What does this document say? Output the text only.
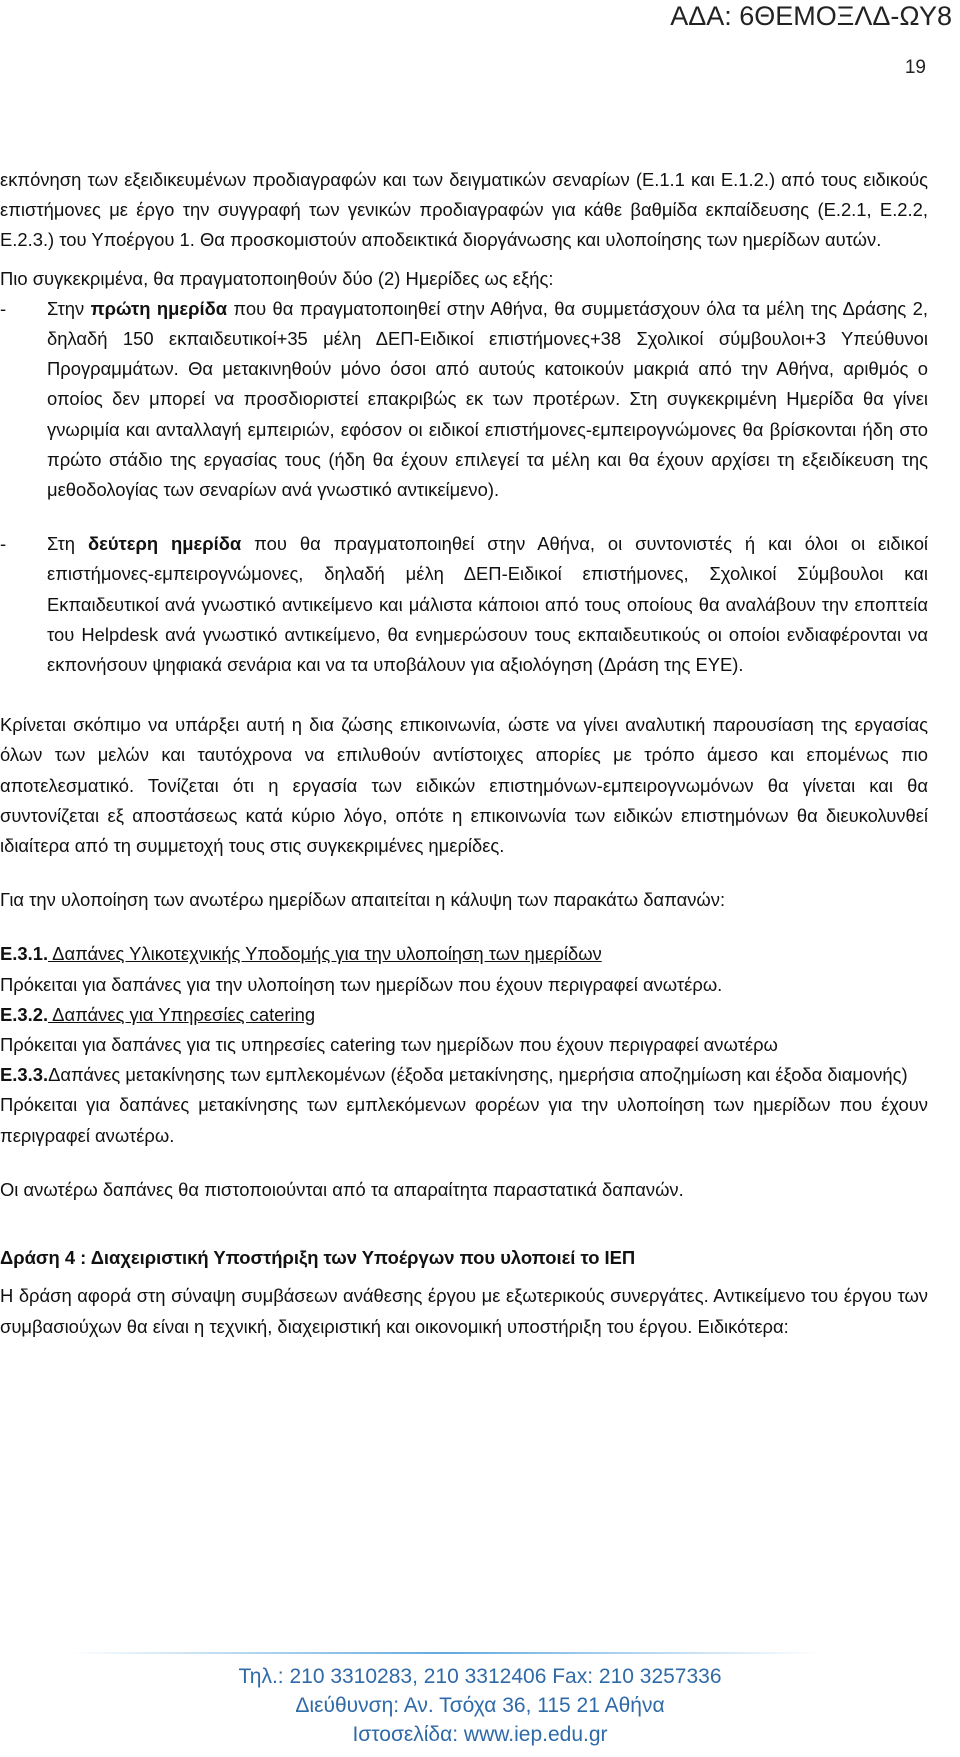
ΑΔΑ: 6ΘΕΜΟΞΛΔ-ΩΥ8
19

εκπόνηση των εξειδικευμένων προδιαγραφών και των δειγματικών σεναρίων (Ε.1.1 και Ε.1.2.) από τους ειδικούς επιστήμονες με έργο την συγγραφή των γενικών προδιαγραφών για κάθε βαθμίδα εκπαίδευσης (Ε.2.1, Ε.2.2, Ε.2.3.) του Υποέργου 1. Θα προσκομιστούν αποδεικτικά διοργάνωσης και υλοποίησης των ημερίδων αυτών.

Πιο συγκεκριμένα, θα πραγματοποιηθούν δύο (2) Ημερίδες ως εξής:

-	Στην πρώτη ημερίδα που θα πραγματοποιηθεί στην Αθήνα, θα συμμετάσχουν όλα τα μέλη της Δράσης 2, δηλαδή 150 εκπαιδευτικοί+35 μέλη ΔΕΠ-Ειδικοί επιστήμονες+38 Σχολικοί σύμβουλοι+3 Υπεύθυνοι Προγραμμάτων. Θα μετακινηθούν μόνο όσοι από αυτούς κατοικούν μακριά από την Αθήνα, αριθμός ο οποίος δεν μπορεί να προσδιοριστεί επακριβώς εκ των προτέρων. Στη συγκεκριμένη Ημερίδα θα γίνει γνωριμία και ανταλλαγή εμπειριών, εφόσον οι ειδικοί επιστήμονες-εμπειρογνώμονες θα βρίσκονται ήδη στο πρώτο στάδιο της εργασίας τους (ήδη θα έχουν επιλεγεί τα μέλη και θα έχουν αρχίσει τη εξειδίκευση της μεθοδολογίας των σεναρίων ανά γνωστικό αντικείμενο).
-	Στη δεύτερη ημερίδα που θα πραγματοποιηθεί στην Αθήνα, οι συντονιστές ή και όλοι οι ειδικοί επιστήμονες-εμπειρογνώμονες, δηλαδή μέλη ΔΕΠ-Ειδικοί επιστήμονες, Σχολικοί Σύμβουλοι και Εκπαιδευτικοί ανά γνωστικό αντικείμενο και μάλιστα κάποιοι από τους οποίους θα αναλάβουν την εποπτεία του Helpdesk ανά γνωστικό αντικείμενο, θα ενημερώσουν τους εκπαιδευτικούς οι οποίοι ενδιαφέρονται να εκπονήσουν ψηφιακά σενάρια και να τα υποβάλουν για αξιολόγηση (Δράση της ΕΥΕ).

Κρίνεται σκόπιμο να υπάρξει αυτή η δια ζώσης επικοινωνία, ώστε να γίνει αναλυτική παρουσίαση της εργασίας όλων των μελών και ταυτόχρονα να επιλυθούν αντίστοιχες απορίες με τρόπο άμεσο και επομένως πιο αποτελεσματικό. Τονίζεται ότι η εργασία των ειδικών επιστημόνων-εμπειρογνωμόνων θα γίνεται και θα συντονίζεται εξ αποστάσεως κατά κύριο λόγο, οπότε η επικοινωνία των ειδικών επιστημόνων θα διευκολυνθεί ιδιαίτερα από τη συμμετοχή τους στις συγκεκριμένες ημερίδες.

Για την υλοποίηση των ανωτέρω ημερίδων απαιτείται η κάλυψη των παρακάτω δαπανών:

Ε.3.1. Δαπάνες Υλικοτεχνικής Υποδομής για την υλοποίηση των ημερίδων

Πρόκειται για δαπάνες για την υλοποίηση των ημερίδων που έχουν περιγραφεί ανωτέρω.

Ε.3.2. Δαπάνες για Υπηρεσίες catering

Πρόκειται για δαπάνες για τις υπηρεσίες catering των ημερίδων που έχουν περιγραφεί ανωτέρω

Ε.3.3.Δαπάνες μετακίνησης των εμπλεκομένων (έξοδα μετακίνησης, ημερήσια αποζημίωση και έξοδα διαμονής)

Πρόκειται για δαπάνες μετακίνησης των εμπλεκόμενων φορέων για την υλοποίηση των ημερίδων που έχουν περιγραφεί ανωτέρω.

Οι ανωτέρω δαπάνες θα πιστοποιούνται από τα απαραίτητα παραστατικά δαπανών.

Δράση 4 : Διαχειριστική Υποστήριξη των Υποέργων που υλοποιεί το ΙΕΠ

Η δράση αφορά στη σύναψη συμβάσεων ανάθεσης έργου με εξωτερικούς συνεργάτες. Αντικείμενο του έργου των συμβασιούχων θα είναι η τεχνική, διαχειριστική και οικονομική υποστήριξη του έργου. Ειδικότερα:

Τηλ.: 210 3310283, 210 3312406 Fax: 210 3257336

Διεύθυνση: Αν. Τσόχα 36, 115 21 Αθήνα

Ιστοσελίδα: www.iep.edu.gr
